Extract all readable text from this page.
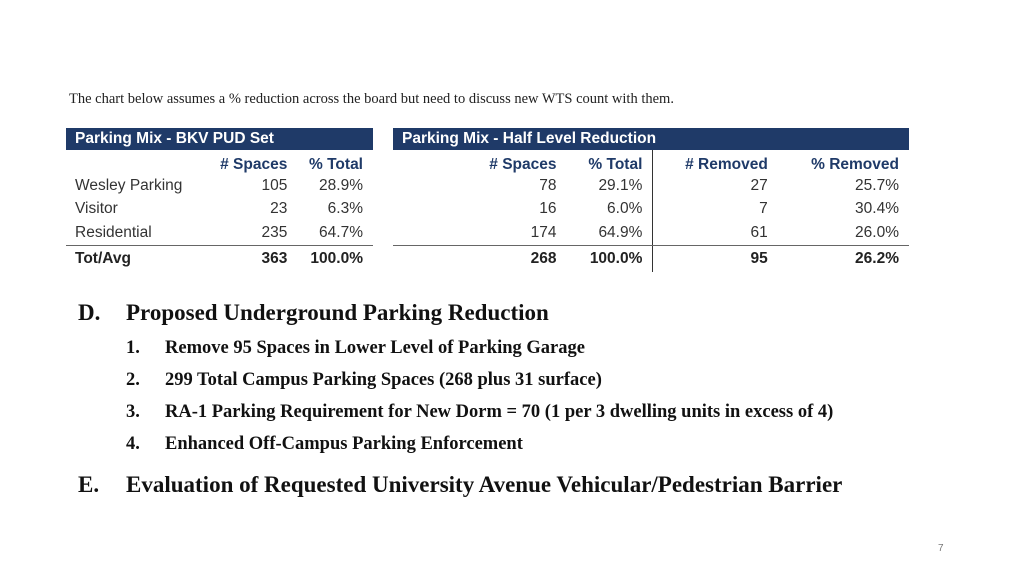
The chart below assumes a % reduction across the board but need to discuss new WTS count with them.
Parking Mix - BKV PUD Set		
	# Spaces	% Total
Wesley Parking	105	28.9%
Visitor	23	6.3%
Residential	235	64.7%
Tot/Avg	363	100.0%
Parking Mix - Half Level Reduction				
	# Spaces	% Total	# Removed	% Removed
	78	29.1%	27	25.7%
	16	6.0%	7	30.4%
	174	64.9%	61	26.0%
	268	100.0%	95	26.2%
D. Proposed Underground Parking Reduction
1. Remove 95 Spaces in Lower Level of Parking Garage
2. 299 Total Campus Parking Spaces (268 plus 31 surface)
3. RA-1 Parking Requirement for New Dorm = 70 (1 per 3 dwelling units in excess of 4)
4. Enhanced Off-Campus Parking Enforcement
E. Evaluation of Requested University Avenue Vehicular/Pedestrian Barrier
7
